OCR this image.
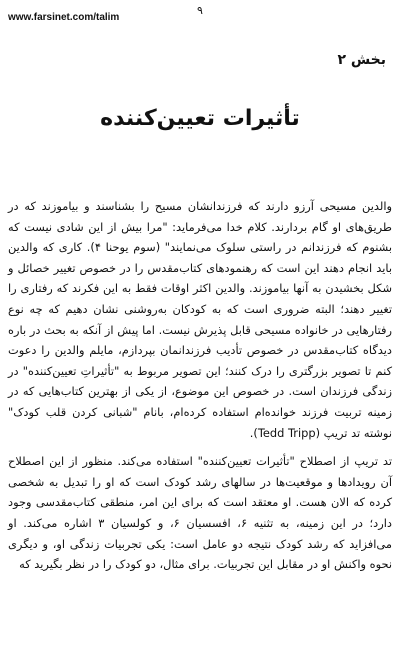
۹
www.farsinet.com/talim
بخش ۲
تأثیرات تعیین‌کننده

والدین مسیحی آرزو دارند که فرزندانشان مسیح را بشناسند و بیاموزند که در طریق‌های او گام بردارند. کلام خدا می‌فرماید: "مرا بیش از این شادی نیست که بشنوم که فرزندانم در راستی سلوک می‌نمایند" (سوم یوحنا ۴). کاری که والدین باید انجام دهند این است که رهنمودهای کتاب‌مقدس را در خصوص تغییر خصائل و شکل بخشیدن به آنها بیاموزند. والدین اکثر اوقات فقط به این فکرند که رفتاری را تغییر دهند؛ البته ضروری است که به کودکان به‌روشنی نشان دهیم که چه نوع رفتارهایی در خانواده مسیحی قابل پذیرش نیست. اما پیش از آنکه به بحث در باره دیدگاه کتاب‌مقدس در خصوص تأدیب فرزندانمان بپردازم، مایلم والدین را دعوت کنم تا تصویر بزرگتری را درک کنند؛ این تصویر مربوط به "تأثیراتِ تعیین‌کننده" در زندگی فرزندان است. در خصوص این موضوع، از یکی از بهترین کتاب‌هایی که در زمینه تربیت فرزند خوانده‌ام استفاده کرده‌ام، با‌نام "شبانی کردن قلب کودک" نوشته تد تریپ (Tedd Tripp).

تد تریپ از اصطلاح "تأثیرات تعیین‌کننده" استفاده می‌کند. منظور از این اصطلاح آن رویدادها و موقعیت‌ها در سالهای رشد کودک است که او را تبدیل به شخصی کرده که الان هست. او معتقد است که برای این امر، منطقی کتاب‌مقدسی وجود دارد؛ در این زمینه، به تثنیه ۶، افسسیان ۶، و کولسیان ۳ اشاره می‌کند. او می‌افزاید که رشد کودک نتیجه دو عامل است: یکی تجربیات زندگی او، و دیگری نحوه واکنش او در مقابل این تجربیات. برای مثال، دو کودک را در نظر بگیرید که
